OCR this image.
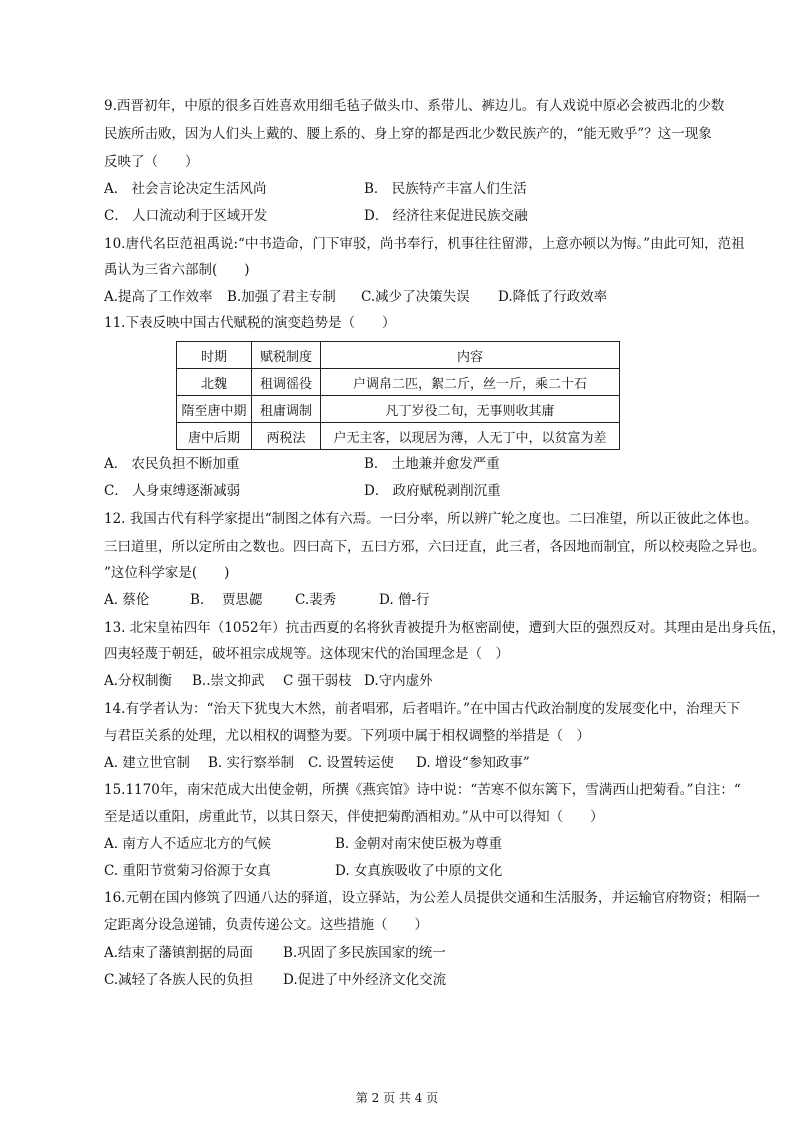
9.西晋初年，中原的很多百姓喜欢用细毛毡子做头巾、系带儿、裤边儿。有人戏说中原必会被西北的少数
民族所击败，因为人们头上戴的、腰上系的、身上穿的都是西北少数民族产的，“能无败乎”？这一现象
反映了（　　）
A． 社会言论决定生活风尚	B． 民族特产丰富人们生活
C． 人口流动利于区域开发	D． 经济往来促进民族交融
10.唐代名臣范祖禹说:“中书造命，门下审驳，尚书奉行，机事往往留滞，上意亦顿以为悔。”由此可知，范祖
禹认为三省六部制(　　)
A.提高了工作效率 B.加强了君主专制 C.减少了决策失误 D.降低了行政效率
11.下表反映中国古代赋税的演变趋势是（　　）
时期	赋税制度	内容
北魏	租调徭役	户调帛二匹，絮二斤，丝一斤，乘二十石
隋至唐中期	租庸调制	凡丁岁役二旬，无事则收其庸
唐中后期	两税法	户无主客，以现居为薄，人无丁中，以贫富为差
A． 农民负担不断加重	B． 土地兼并愈发严重
C． 人身束缚逐渐减弱	D． 政府赋税剥削沉重
12. 我国古代有科学家提出“制图之体有六焉。一曰分率，所以辨广轮之度也。二曰准望，所以正彼此之体也。
三曰道里，所以定所由之数也。四曰高下，五曰方邪，六曰迂直，此三者，各因地而制宜，所以校夷险之异也。
”这位科学家是(　　)
A. 蔡伦	B.　 贾思勰 C.裴秀	D. 僧-行
13. 北宋皇祐四年（1052年）抗击西夏的名将狄青被提升为枢密副使，遭到大臣的强烈反对。其理由是出身兵伍，
四夷轻蔑于朝廷，破坏祖宗成规等。这体现宋代的治国理念是（　）
A.分权制衡 B..崇文抑武 C 强干弱枝 D.守内虚外
14.有学者认为：“治天下犹曳大木然，前者唱邪，后者唱许。”在中国古代政治制度的发展变化中，治理天下
与君臣关系的处理，尤以相权的调整为要。下列项中属于相权调整的举措是（　）
A. 建立世官制 B. 实行察举制 C. 设置转运使 D. 增设“参知政事”
15.1170年，南宋范成大出使金朝，所撰《燕宾馆》诗中说：“苦寒不似东篱下，雪满西山把菊看。”自注：“
至是适以重阳，虏重此节，以其日祭天，伴使把菊酌酒相劝。”从中可以得知（　　）
A. 南方人不适应北方的气候	B. 金朝对南宋使臣极为尊重
C. 重阳节赏菊习俗源于女真	D. 女真族吸收了中原的文化
16.元朝在国内修筑了四通八达的驿道，设立驿站，为公差人员提供交通和生活服务，并运输官府物资；相隔一
定距离分设急递铺，负责传递公文。这些措施（　　）
A.结束了藩镇割据的局面 B.巩固了多民族国家的统一
C.减轻了各族人民的负担 D.促进了中外经济文化交流
第 2 页 共 4 页
